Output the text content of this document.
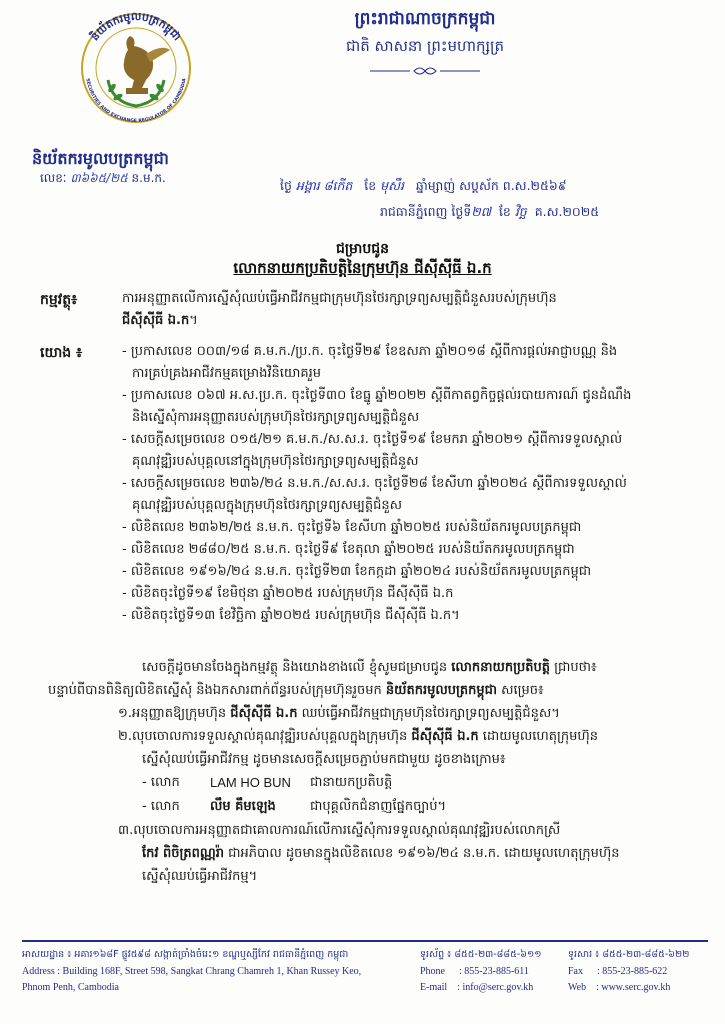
និយ័តករមូលបត្រកម្ពុជា
SECURITIES AND EXCHANGE REGULATOR OF CAMBODIA
ព្រះរាជាណាចក្រកម្ពុជា
ជាតិ សាសនា ព្រះមហាក្សត្រ
និយ័តករមូលបត្រកម្ពុជា
លេខៈ ៣៦៦៥/២៥ ន.ម.ក.	ថ្ងៃ អង្គារ ៨កើត ខែ មុសឹរ ឆ្នាំម្សាញ់ សប្តស័ក ព.ស.២៥៦៩
រាជធានីភ្នំពេញ ថ្ងៃទី២៧ ខែ វិច្ឆ គ.ស.២០២៥
ជម្រាបជូន
លោកនាយកប្រតិបត្តិនៃក្រុមហ៊ុន ជីស៊ីស៊ីធី ឯ.ក
កម្មវត្ថុ៖	ការអនុញ្ញាតលើការស្នើសុំឈប់ធ្វើអាជីវកម្មជាក្រុមហ៊ុនថៃរក្សាទ្រព្យសម្បត្តិជំនួសរបស់ក្រុមហ៊ុន
ជីស៊ីស៊ីធី ឯ.ក។
យោង ៖	- ប្រកាសលេខ ០០៣/១៨ គ.ម.ក./ប្រ.ក. ចុះថ្ងៃទី២៩ ខែឧសភា ឆ្នាំ២០១៨ ស្តីពីការផ្តល់អាជ្ញាបណ្ណ និង
ការគ្រប់គ្រងអាជីវកម្មគម្រោងវិនិយោគរួម
- ប្រកាសលេខ ០៦៧ អ.ស.ប្រ.ក. ចុះថ្ងៃទី៣០ ខែធ្នូ ឆ្នាំ២០២២ ស្តីពីកាតព្វកិច្ចផ្តល់របាយការណ៍ ជូនដំណឹង
និងស្នើសុំការអនុញ្ញាតរបស់ក្រុមហ៊ុនថៃរក្សាទ្រព្យសម្បត្តិជំនួស
- សេចក្តីសម្រេចលេខ ០១៥/២១ គ.ម.ក./ស.ស.រ. ចុះថ្ងៃទី១៩ ខែមករា ឆ្នាំ២០២១ ស្តីពីការទទួលស្គាល់
គុណវុឌ្ឍិរបស់បុគ្គលនៅក្នុងក្រុមហ៊ុនថៃរក្សាទ្រព្យសម្បត្តិជំនួស
- សេចក្តីសម្រេចលេខ ២៣៦/២៤ ន.ម.ក./ស.ស.រ. ចុះថ្ងៃទី២៨ ខែសីហា ឆ្នាំ២០២៤ ស្តីពីការទទួលស្គាល់
គុណវុឌ្ឍិរបស់បុគ្គលក្នុងក្រុមហ៊ុនថៃរក្សាទ្រព្យសម្បត្តិជំនួស
- លិខិតលេខ ២៣៦២/២៥ ន.ម.ក. ចុះថ្ងៃទី៦ ខែសីហា ឆ្នាំ២០២៥ របស់និយ័តករមូលបត្រកម្ពុជា
- លិខិតលេខ ២៨៨០/២៥ ន.ម.ក. ចុះថ្ងៃទី៩ ខែតុលា ឆ្នាំ២០២៥ របស់និយ័តករមូលបត្រកម្ពុជា
- លិខិតលេខ ១៩១៦/២៤ ន.ម.ក. ចុះថ្ងៃទី២៣ ខែកក្កដា ឆ្នាំ២០២៤ របស់និយ័តករមូលបត្រកម្ពុជា
- លិខិតចុះថ្ងៃទី១៩ ខែមិថុនា ឆ្នាំ២០២៥ របស់ក្រុមហ៊ុន ជីស៊ីស៊ីធី ឯ.ក
- លិខិតចុះថ្ងៃទី១៣ ខែវិច្ឆិកា ឆ្នាំ២០២៥ របស់ក្រុមហ៊ុន ជីស៊ីស៊ីធី ឯ.ក។
សេចក្តីដូចមានចែងក្នុងកម្មវត្ថុ និងយោងខាងលើ ខ្ញុំសូមជម្រាបជូន លោកនាយកប្រតិបត្តិ ជ្រាបថា៖
បន្ទាប់ពីបានពិនិត្យលិខិតស្នើសុំ និងឯកសារពាក់ព័ន្ធរបស់ក្រុមហ៊ុនរួចមក និយ័តករមូលបត្រកម្ពុជា សម្រេច៖
១.អនុញ្ញាតឱ្យក្រុមហ៊ុន ជីស៊ីស៊ីធី ឯ.ក ឈប់ធ្វើអាជីវកម្មជាក្រុមហ៊ុនថៃរក្សាទ្រព្យសម្បត្តិជំនួស។
២.លុបចោលការទទួលស្គាល់គុណវុឌ្ឍិរបស់បុគ្គលក្នុងក្រុមហ៊ុន ជីស៊ីស៊ីធី ឯ.ក ដោយមូលហេតុក្រុមហ៊ុន
ស្នើសុំឈប់ធ្វើអាជីវកម្ម ដូចមានសេចក្តីសម្រេចភ្ជាប់មកជាមួយ ដូចខាងក្រោម៖
- លោក LAM HO BUN ជានាយកប្រតិបត្តិ
- លោក លឹម គឹមឡេង	ជាបុគ្គលិកជំនាញផ្នែកច្បាប់។
៣.លុបចោលការអនុញ្ញាតជាគោលការណ៍លើការស្នើសុំការទទួលស្គាល់គុណវុឌ្ឍិរបស់លោកស្រី
កែវ ពិចិត្រពណ្ណរ៉ា ជាអភិបាល ដូចមានក្នុងលិខិតលេខ ១៩១៦/២៤ ន.ម.ក. ដោយមូលហេតុក្រុមហ៊ុន
ស្នើសុំឈប់ធ្វើអាជីវកម្ម។
អាសយដ្ឋាន ៖ អគារ១៦៨F ផ្លូវ៥៩៨ សង្កាត់ច្រាំងចំរេះ១ ខណ្ឌឬស្សីកែវ រាជធានីភ្នំពេញ កម្ពុជា
Address : Building 168F, Street 598, Sangkat Chrang Chamreh 1, Khan Russey Keo,
Phnom Penh, Cambodia
ទូរស័ព្ទ ៖ ៨៥៥-២៣-៨៨៥-៦១១
Phone : 855-23-885-611
E-mail : info@serc.gov.kh
ទូរសារ ៖ ៨៥៥-២៣-៨៨៥-៦២២
Fax : 855-23-885-622
Web : www.serc.gov.kh
